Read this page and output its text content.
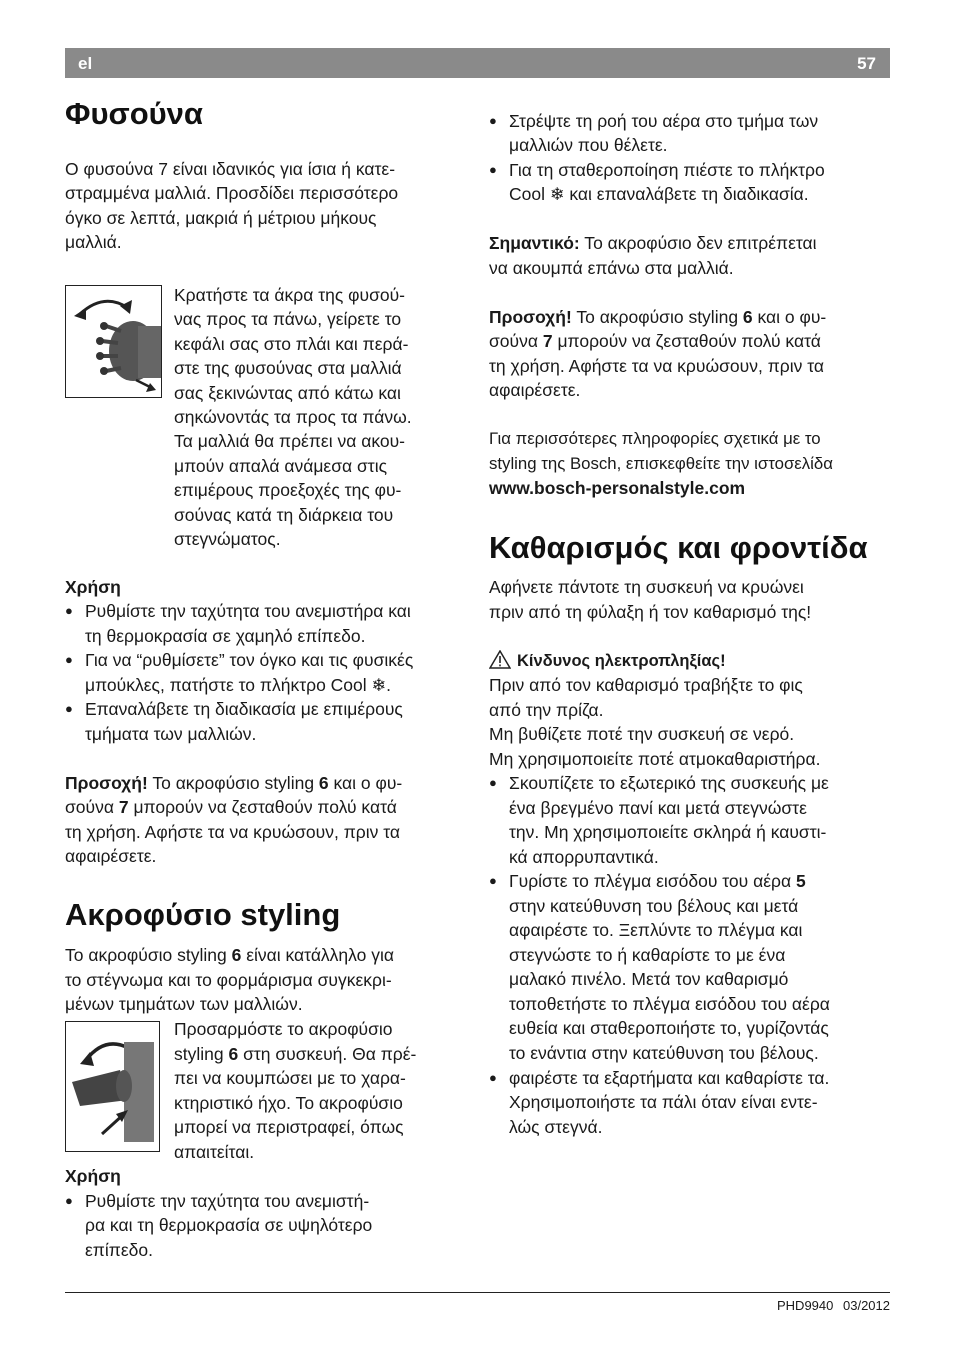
el	57
Φυσούνα
Ο φυσούνα 7 είναι ιδανικός για ίσια ή κατε-
στραμμένα μαλλιά. Προσδίδει περισσότερο
όγκο σε λεπτά, μακριά ή μέτριου μήκους
μαλλιά.
Κρατήστε τα άκρα της φυσού-
νας προς τα πάνω, γείρετε το
κεφάλι σας στο πλάι και περά-
στε της φυσούνας στα μαλλιά
σας ξεκινώντας από κάτω και
σηκώνοντάς τα προς τα πάνω.
Τα μαλλιά θα πρέπει να ακου-
μπούν απαλά ανάμεσα στις
επιμέρους προεξοχές της φυ-
σούνας κατά τη διάρκεια του
στεγνώματος.
Χρήση
● Ρυθμίστε την ταχύτητα του ανεμιστήρα και
τη θερμοκρασία σε χαμηλό επίπεδο.
● Για να “ρυθμίσετε” τον όγκο και τις φυσικές
μπούκλες, πατήστε το πλήκτρο Cool ❄.
● Επαναλάβετε τη διαδικασία με επιμέρους
τμήματα των μαλλιών.
Προσοχή! Το ακροφύσιο styling 6 και ο φυ-
σούνα 7 μπορούν να ζεσταθούν πολύ κατά
τη χρήση. Αφήστε τα να κρυώσουν, πριν τα
αφαιρέσετε.
Ακροφύσιο styling
Το ακροφύσιο styling 6 είναι κατάλληλο για
το στέγνωμα και το φορμάρισμα συγκεκρι-
μένων τμημάτων των μαλλιών.
Προσαρμόστε το ακροφύσιο
styling 6 στη συσκευή. Θα πρέ-
πει να κουμπώσει με το χαρα-
κτηριστικό ήχο. Το ακροφύσιο
μπορεί να περιστραφεί, όπως
απαιτείται.
Χρήση
● Ρυθμίστε την ταχύτητα του ανεμιστή-
ρα και τη θερμοκρασία σε υψηλότερο
επίπεδο.
● Στρέψτε τη ροή του αέρα στο τμήμα των
μαλλιών που θέλετε.
● Για τη σταθεροποίηση πιέστε το πλήκτρο
Cool ❄ και επαναλάβετε τη διαδικασία.
Σημαντικό: Το ακροφύσιο δεν επιτρέπεται
να ακουμπά επάνω στα μαλλιά.
Προσοχή! Το ακροφύσιο styling 6 και ο φυ-
σούνα 7 μπορούν να ζεσταθούν πολύ κατά
τη χρήση. Αφήστε τα να κρυώσουν, πριν τα
αφαιρέσετε.
Για περισσότερες πληροφορίες σχετικά με το
styling της Bosch, επισκεφθείτε την ιστοσελίδα
www.bosch-personalstyle.com
Καθαρισμός και φροντίδα
Αφήνετε πάντοτε τη συσκευή να κρυώνει
πριν από τη φύλαξη ή τον καθαρισμό της!
Κίνδυνος ηλεκτροπληξίας!
Πριν από τον καθαρισμό τραβήξτε το φις
από την πρίζα.
Μη βυθίζετε ποτέ την συσκευή σε νερό.
Μη χρησιμοποιείτε ποτέ ατμοκαθαριστήρα.
● Σκουπίζετε το εξωτερικό της συσκευής με
ένα βρεγμένο πανί και μετά στεγνώστε
την. Μη χρησιμοποιείτε σκληρά ή καυστι-
κά απορρυπαντικά.
● Γυρίστε το πλέγμα εισόδου του αέρα 5
στην κατεύθυνση του βέλους και μετά
αφαιρέστε το. Ξεπλύντε το πλέγμα και
στεγνώστε το ή καθαρίστε το με ένα
μαλακό πινέλο. Μετά τον καθαρισμό
τοποθετήστε το πλέγμα εισόδου του αέρα
ευθεία και σταθεροποιήστε το, γυρίζοντάς
το ενάντια στην κατεύθυνση του βέλους.
● φαιρέστε τα εξαρτήματα και καθαρίστε τα.
Χρησιμοποιήστε τα πάλι όταν είναι εντε-
λώς στεγνά.
PHD9940 03/2012
